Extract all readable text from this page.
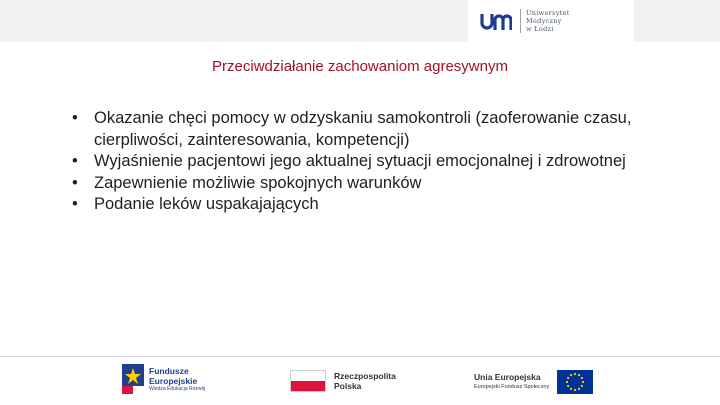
Uniwersytet
Medyczny
w Łodzi
Przeciwdziałanie zachowaniom agresywnym
• Okazanie chęci pomocy w odzyskaniu samokontroli (zaoferowanie czasu, cierpliwości, zainteresowania, kompetencji)
• Wyjaśnienie pacjentowi jego aktualnej sytuacji emocjonalnej i zdrowotnej
• Zapewnienie możliwie spokojnych warunków
• Podanie leków uspakajających
Fundusze
Europejskie
Wiedza Edukacja Rozwój
Rzeczpospolita
Polska
Unia Europejska
Europejski Fundusz Społeczny
